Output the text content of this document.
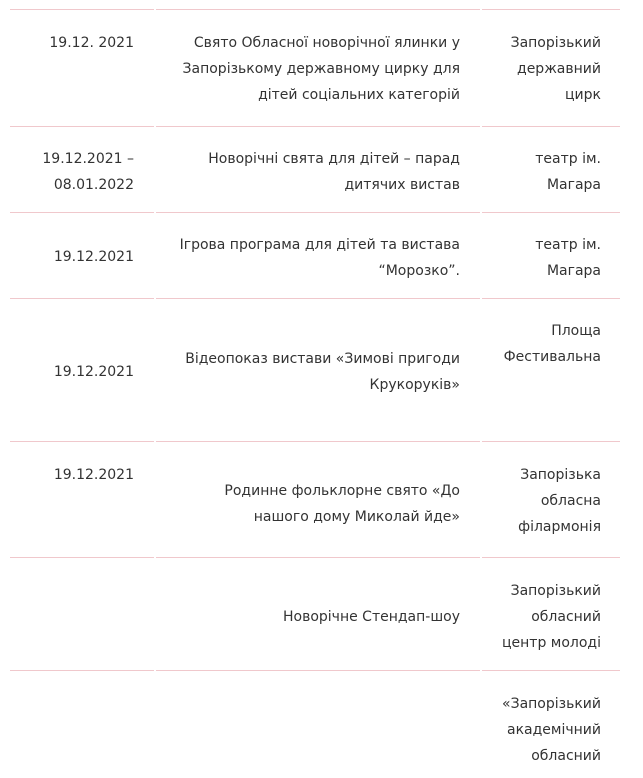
19.12. 2021	Свято Обласної новорічної ялинки у
Запорізькому державному цирку для
дітей соціальних категорій
Запорізький
державний
цирк
19.12.2021 –
08.01.2022
Новорічні свята для дітей – парад
дитячих вистав
театр ім.
Магара
19.12.2021
Ігрова програма для дітей та вистава
“Морозко”.
театр ім.
Магара
19.12.2021
Відеопоказ вистави «Зимові пригоди
Крукоруків»
Площа
Фестивальна
19.12.2021
Родинне фольклорне свято «До
нашого дому Миколай йде»
Запорізька
обласна
філармонія
Новорічне Стендап-шоу
Запорізький
обласний
центр молоді
«Запорізький
академічний
обласний
